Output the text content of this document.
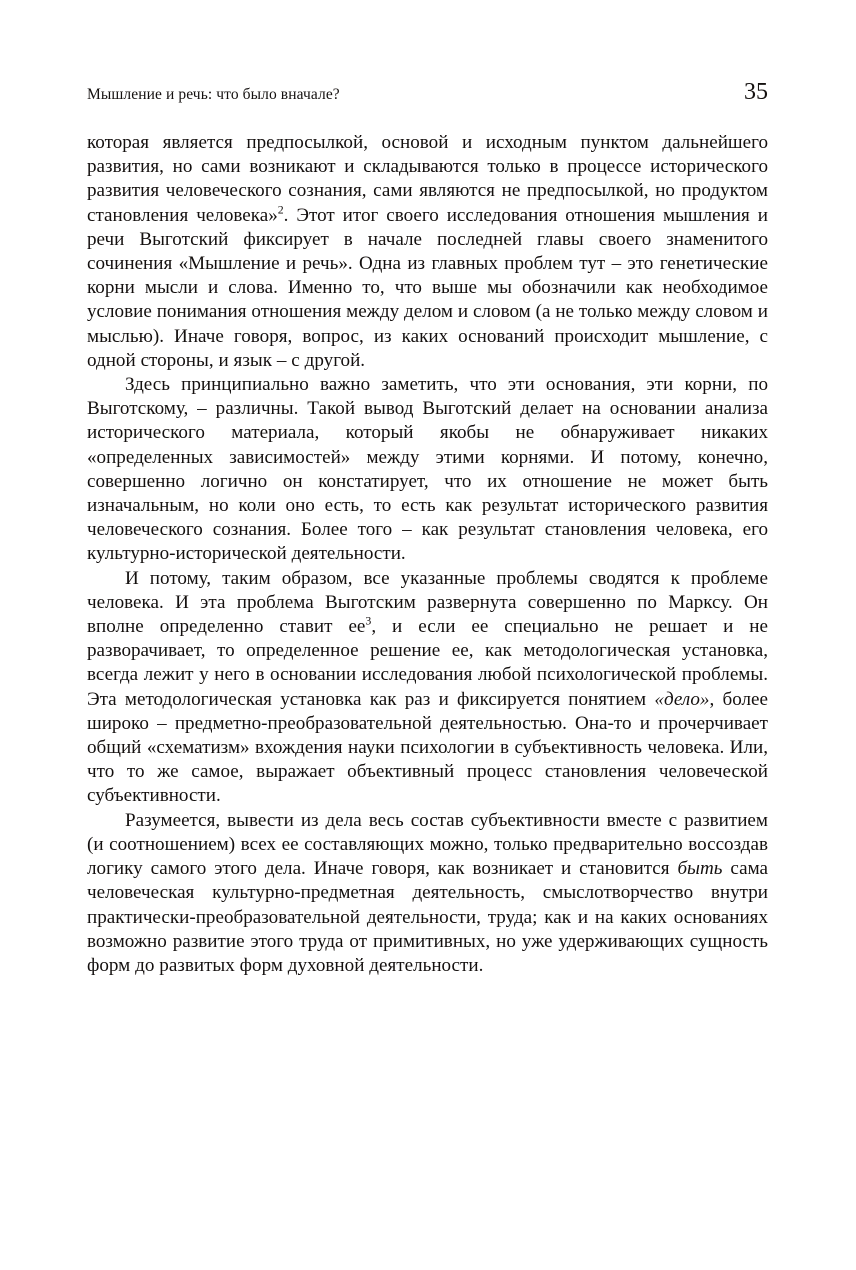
Мышление и речь: что было вначале?	35

которая является предпосылкой, основой и исходным пунктом дальнейшего развития, но сами возникают и складываются только в процессе исторического развития человеческого сознания, сами являются не предпосылкой, но продуктом становления человека»$^2$. Этот итог своего исследования отношения мышления и речи Выготский фиксирует в начале последней главы своего знаменитого сочинения «Мышление и речь». Одна из главных проблем тут – это генетические корни мысли и слова. Именно то, что выше мы обозначили как необходимое условие понимания отношения между делом и словом (а не только между словом и мыслью). Иначе говоря, вопрос, из каких оснований происходит мышление, с одной стороны, и язык – с другой.

Здесь принципиально важно заметить, что эти основания, эти корни, по Выготскому, – различны. Такой вывод Выготский делает на основании анализа исторического материала, который якобы не обнаруживает никаких «определенных зависимостей» между этими корнями. И потому, конечно, совершенно логично он констатирует, что их отношение не может быть изначальным, но коли оно есть, то есть как результат исторического развития человеческого сознания. Более того – как результат становления человека, его культурно-исторической деятельности.

И потому, таким образом, все указанные проблемы сводятся к проблеме человека. И эта проблема Выготским развернута совершенно по Марксу. Он вполне определенно ставит $ее^3$, и если ее специально не решает и не разворачивает, то определенное решение ее, как методологическая установка, всегда лежит у него в основании исследования любой психологической проблемы. Эта методологическая установка как раз и фиксируется понятием «дело», более широко – предметно-преобразовательной деятельностью. Она-то и прочерчивает общий «схематизм» вхождения науки психологии в субъективность человека. Или, что то же самое, выражает объективный процесс становления человеческой субъективности.

Разумеется, вывести из дела весь состав субъективности вместе с развитием (и соотношением) всех ее составляющих можно, только предварительно воссоздав логику самого этого дела. Иначе говоря, как возникает и становится быть сама человеческая культурно-предметная деятельность, смыслотворчество внутри практически-преобразовательной деятельности, труда; как и на каких основаниях возможно развитие этого труда от примитивных, но уже удерживающих сущность форм до развитых форм духовной деятельности.
